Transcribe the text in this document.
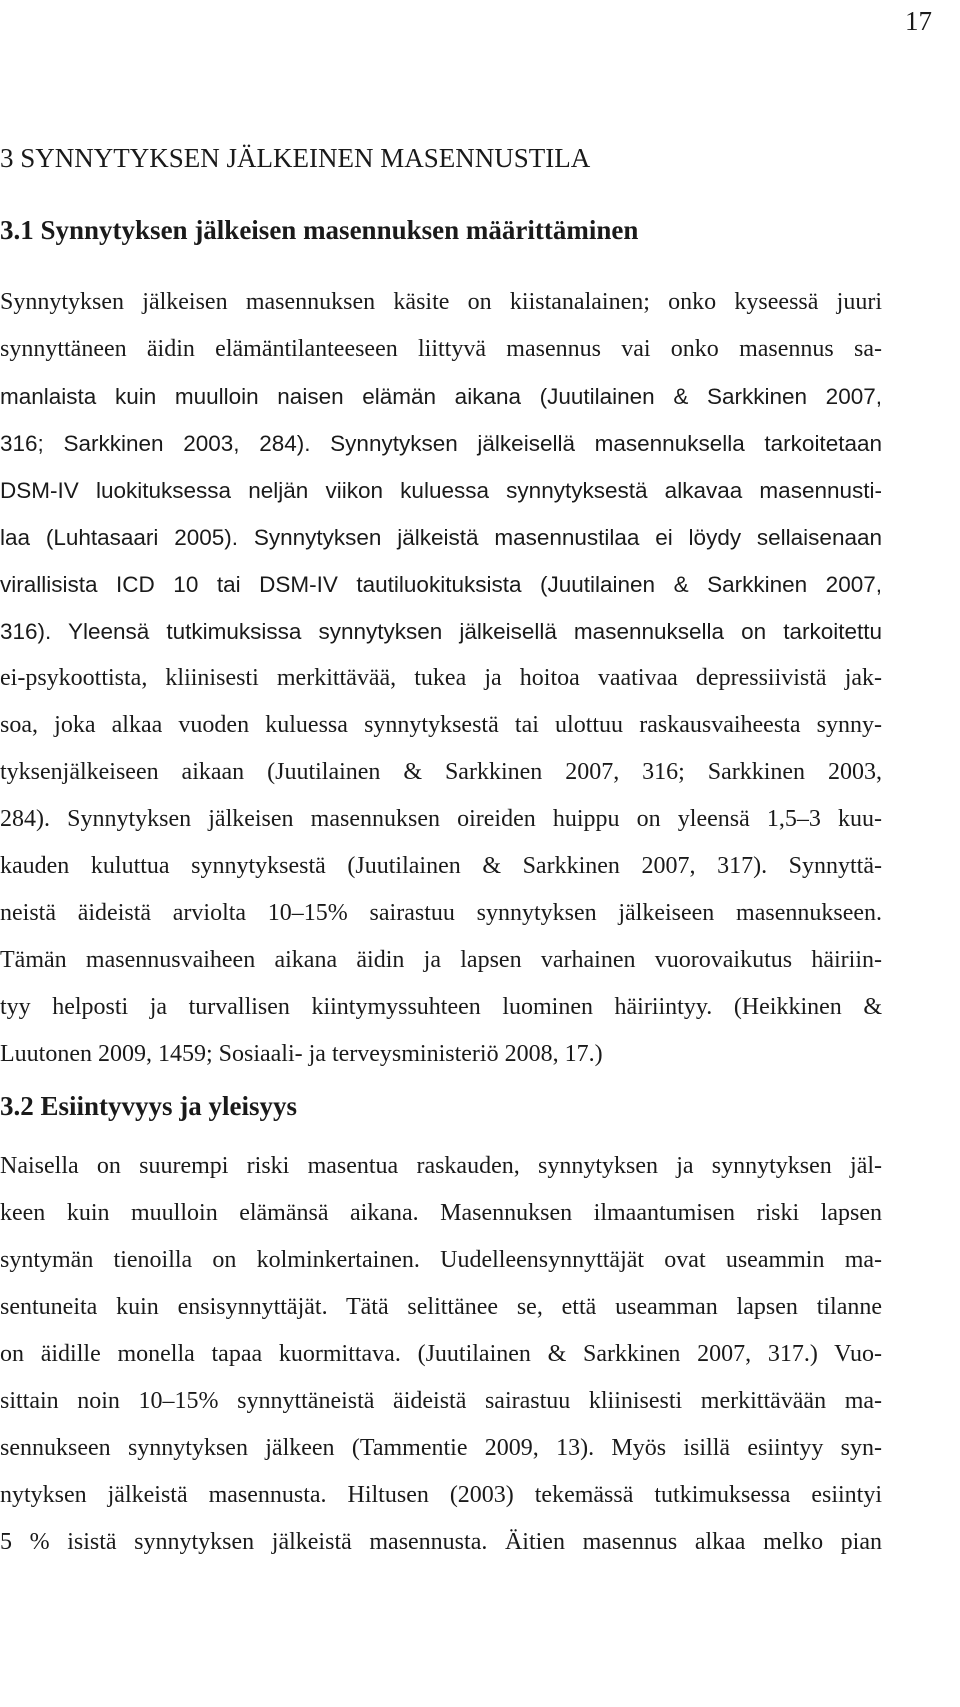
17
3 SYNNYTYKSEN JÄLKEINEN MASENNUSTILA
3.1 Synnytyksen jälkeisen masennuksen määrittäminen
Synnytyksen jälkeisen masennuksen käsite on kiistanalainen; onko kyseessä juuri
synnyttäneen äidin elämäntilanteeseen liittyvä masennus vai onko masennus sa-
manlaista kuin muulloin naisen elämän aikana (Juutilainen & Sarkkinen 2007,
316; Sarkkinen 2003, 284). Synnytyksen jälkeisellä masennuksella tarkoitetaan
DSM-IV luokituksessa neljän viikon kuluessa synnytyksestä alkavaa masennusti-
laa (Luhtasaari 2005). Synnytyksen jälkeistä masennustilaa ei löydy sellaisenaan
virallisista ICD 10 tai DSM-IV tautiluokituksista (Juutilainen & Sarkkinen 2007,
316). Yleensä tutkimuksissa synnytyksen jälkeisellä masennuksella on tarkoitettu
ei-psykoottista, kliinisesti merkittävää, tukea ja hoitoa vaativaa depressiivistä jak-
soa, joka alkaa vuoden kuluessa synnytyksestä tai ulottuu raskausvaiheesta synny-
tyksenjälkeiseen aikaan (Juutilainen & Sarkkinen 2007, 316; Sarkkinen 2003,
284). Synnytyksen jälkeisen masennuksen oireiden huippu on yleensä 1,5–3 kuu-
kauden kuluttua synnytyksestä (Juutilainen & Sarkkinen 2007, 317). Synnyttä-
neistä äideistä arviolta 10–15% sairastuu synnytyksen jälkeiseen masennukseen.
Tämän masennusvaiheen aikana äidin ja lapsen varhainen vuorovaikutus häiriin-
tyy helposti ja turvallisen kiintymyssuhteen luominen häiriintyy. (Heikkinen &
Luutonen 2009, 1459; Sosiaali- ja terveysministeriö 2008, 17.)
3.2 Esiintyvyys ja yleisyys
Naisella on suurempi riski masentua raskauden, synnytyksen ja synnytyksen jäl-
keen kuin muulloin elämänsä aikana. Masennuksen ilmaantumisen riski lapsen
syntymän tienoilla on kolminkertainen. Uudelleensynnyttäjät ovat useammin ma-
sentuneita kuin ensisynnyttäjät. Tätä selittänee se, että useamman lapsen tilanne
on äidille monella tapaa kuormittava. (Juutilainen & Sarkkinen 2007, 317.) Vuo-
sittain noin 10–15% synnyttäneistä äideistä sairastuu kliinisesti merkittävään ma-
sennukseen synnytyksen jälkeen (Tammentie 2009, 13). Myös isillä esiintyy syn-
nytyksen jälkeistä masennusta. Hiltusen (2003) tekemässä tutkimuksessa esiintyi
5 % isistä synnytyksen jälkeistä masennusta. Äitien masennus alkaa melko pian
